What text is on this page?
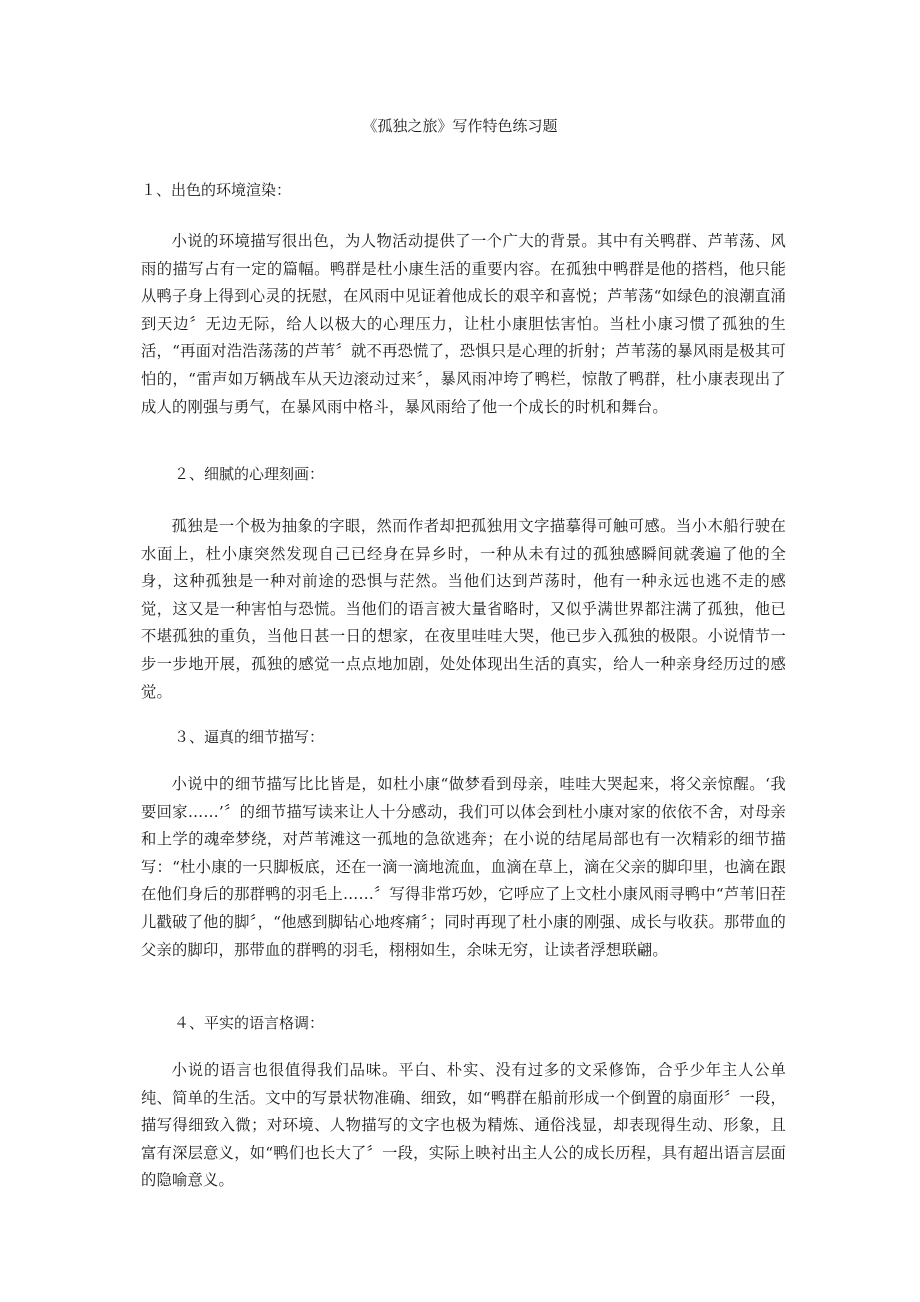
《孤独之旅》写作特色练习题
１、出色的环境渲染：
小说的环境描写很出色，为人物活动提供了一个广大的背景。其中有关鸭群、芦苇荡、风雨的描写占有一定的篇幅。鸭群是杜小康生活的重要内容。在孤独中鸭群是他的搭档，他只能从鸭子身上得到心灵的抚慰，在风雨中见证着他成长的艰辛和喜悦；芦苇荡“如绿色的浪潮直涌到天边〞无边无际，给人以极大的心理压力，让杜小康胆怯害怕。当杜小康习惯了孤独的生活，“再面对浩浩荡荡的芦苇〞就不再恐慌了，恐惧只是心理的折射；芦苇荡的暴风雨是极其可怕的，“雷声如万辆战车从天边滚动过来〞，暴风雨冲垮了鸭栏，惊散了鸭群，杜小康表现出了成人的刚强与勇气，在暴风雨中格斗，暴风雨给了他一个成长的时机和舞台。
２、细腻的心理刻画：
孤独是一个极为抽象的字眼，然而作者却把孤独用文字描摹得可触可感。当小木船行驶在水面上，杜小康突然发现自己已经身在异乡时，一种从未有过的孤独感瞬间就袭遍了他的全身，这种孤独是一种对前途的恐惧与茫然。当他们达到芦荡时，他有一种永远也逃不走的感觉，这又是一种害怕与恐慌。当他们的语言被大量省略时，又似乎满世界都注满了孤独，他已不堪孤独的重负，当他日甚一日的想家，在夜里哇哇大哭，他已步入孤独的极限。小说情节一步一步地开展，孤独的感觉一点点地加剧，处处体现出生活的真实，给人一种亲身经历过的感觉。
３、逼真的细节描写：
小说中的细节描写比比皆是，如杜小康“做梦看到母亲，哇哇大哭起来，将父亲惊醒。‘我要回家……’〞的细节描写读来让人十分感动，我们可以体会到杜小康对家的依依不舍，对母亲和上学的魂牵梦绕，对芦苇滩这一孤地的急欲逃奔；在小说的结尾局部也有一次精彩的细节描写：“杜小康的一只脚板底，还在一滴一滴地流血，血滴在草上，滴在父亲的脚印里，也滴在跟在他们身后的那群鸭的羽毛上……〞写得非常巧妙，它呼应了上文杜小康风雨寻鸭中“芦苇旧茬儿戳破了他的脚〞，“他感到脚钻心地疼痛〞；同时再现了杜小康的刚强、成长与收获。那带血的父亲的脚印，那带血的群鸭的羽毛，栩栩如生，余味无穷，让读者浮想联翩。
４、平实的语言格调：
小说的语言也很值得我们品味。平白、朴实、没有过多的文采修饰，合乎少年主人公单纯、简单的生活。文中的写景状物准确、细致，如“鸭群在船前形成一个倒置的扇面形〞一段，描写得细致入微；对环境、人物描写的文字也极为精炼、通俗浅显，却表现得生动、形象，且富有深层意义，如“鸭们也长大了〞一段，实际上映衬出主人公的成长历程，具有超出语言层面的隐喻意义。
